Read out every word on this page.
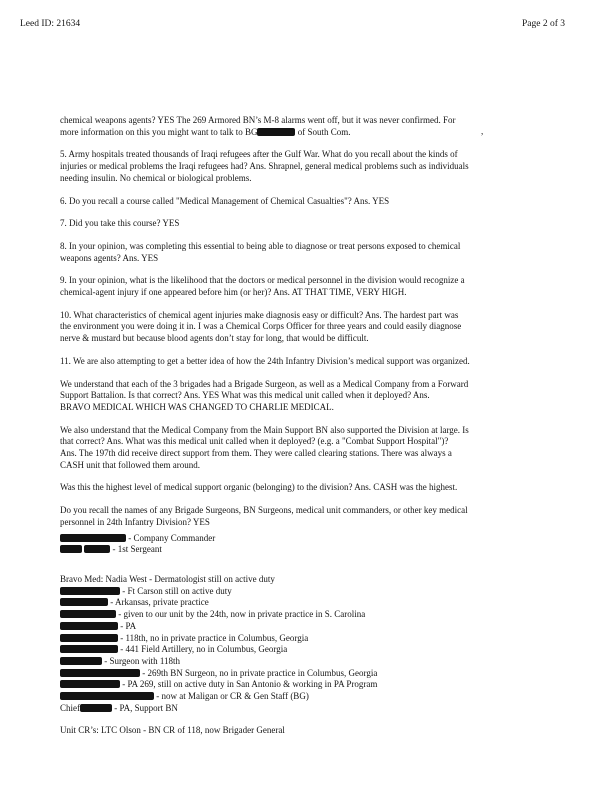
Leed ID: 21634	Page 2 of 3
,
chemical weapons agents? YES The 269 Armored BN’s M-8 alarms went off, but it was never confirmed. For
more information on this you might want to talk to BG	of South Com.
5. Army hospitals treated thousands of Iraqi refugees after the Gulf War. What do you recall about the kinds of
injuries or medical problems the Iraqi refugees had? Ans. Shrapnel, general medical problems such as individuals
needing insulin. No chemical or biological problems.
6. Do you recall a course called "Medical Management of Chemical Casualties"? Ans. YES
7. Did you take this course? YES
8. In your opinion, was completing this essential to being able to diagnose or treat persons exposed to chemical
weapons agents? Ans. YES
9. In your opinion, what is the likelihood that the doctors or medical personnel in the division would recognize a
chemical-agent injury if one appeared before him (or her)? Ans. AT THAT TIME, VERY HIGH.
10. What characteristics of chemical agent injuries make diagnosis easy or difficult? Ans. The hardest part was
the environment you were doing it in. I was a Chemical Corps Officer for three years and could easily diagnose
nerve & mustard but because blood agents don’t stay for long, that would be difficult.
11. We are also attempting to get a better idea of how the 24th Infantry Division’s medical support was organized.
We understand that each of the 3 brigades had a Brigade Surgeon, as well as a Medical Company from a Forward
Support Battalion. Is that correct? Ans. YES What was this medical unit called when it deployed? Ans.
BRAVO MEDICAL WHICH WAS CHANGED TO CHARLIE MEDICAL.
We also understand that the Medical Company from the Main Support BN also supported the Division at large. Is
that correct? Ans. What was this medical unit called when it deployed? (e.g. a "Combat Support Hospital")?
Ans. The 197th did receive direct support from them. They were called clearing stations. There was always a
CASH unit that followed them around.
Was this the highest level of medical support organic (belonging) to the division? Ans. CASH was the highest.
Do you recall the names of any Brigade Surgeons, BN Surgeons, medical unit commanders, or other key medical
personnel in 24th Infantry Division? YES
- Company Commander
- 1st Sergeant
Bravo Med: Nadia West - Dermatologist still on active duty
- Ft Carson still on active duty
- Arkansas, private practice
- given to our unit by the 24th, now in private practice in S. Carolina
- PA
- 118th, no in private practice in Columbus, Georgia
- 441 Field Artillery, no in Columbus, Georgia
- Surgeon with 118th
- 269th BN Surgeon, no in private practice in Columbus, Georgia
- PA 269, still on active duty in San Antonio & working in PA Program
- now at Maligan or CR & Gen Staff (BG)
Chief	- PA, Support BN
Unit CR’s: LTC Olson - BN CR of 118, now Brigader General
